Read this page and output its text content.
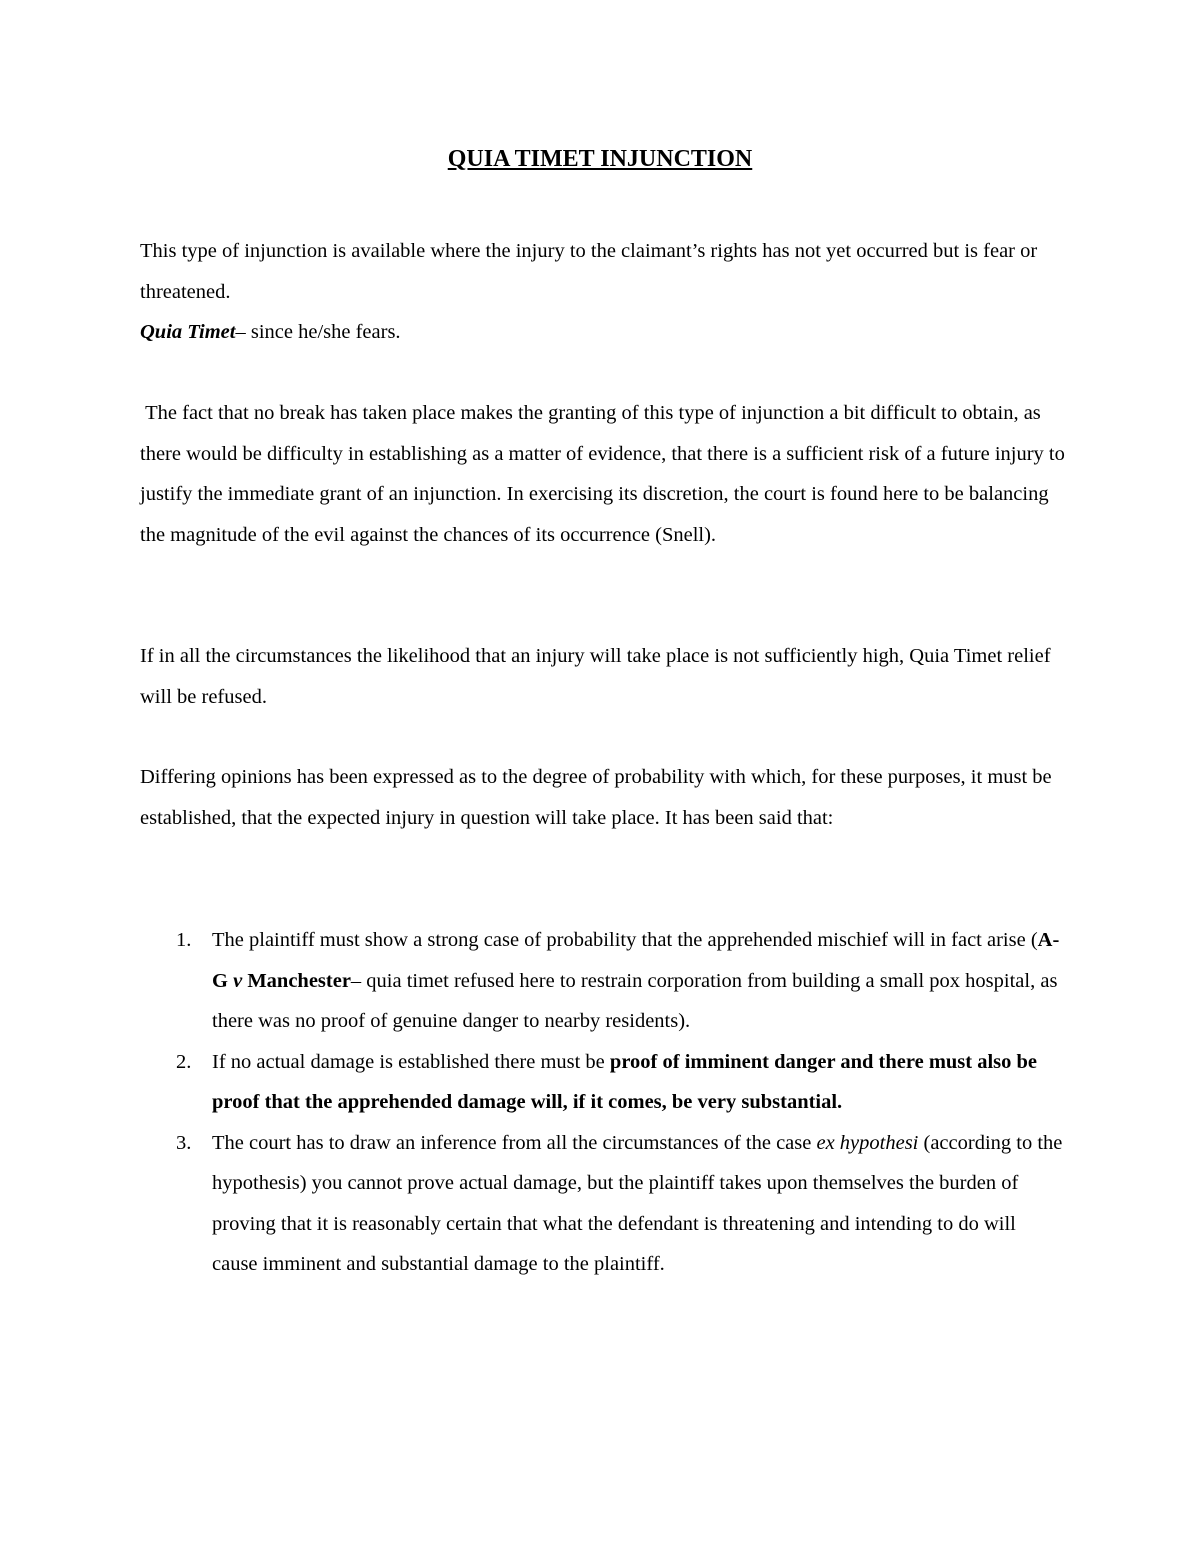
QUIA TIMET INJUNCTION
This type of injunction is available where the injury to the claimant’s rights has not yet occurred but is fear or threatened.
Quia Timet– since he/she fears.
The fact that no break has taken place makes the granting of this type of injunction a bit difficult to obtain, as there would be difficulty in establishing as a matter of evidence, that there is a sufficient risk of a future injury to justify the immediate grant of an injunction. In exercising its discretion, the court is found here to be balancing the magnitude of the evil against the chances of its occurrence (Snell).
If in all the circumstances the likelihood that an injury will take place is not sufficiently high, Quia Timet relief will be refused.
Differing opinions has been expressed as to the degree of probability with which, for these purposes, it must be established, that the expected injury in question will take place. It has been said that:
1. The plaintiff must show a strong case of probability that the apprehended mischief will in fact arise (A-G v Manchester– quia timet refused here to restrain corporation from building a small pox hospital, as there was no proof of genuine danger to nearby residents).
2. If no actual damage is established there must be proof of imminent danger and there must also be proof that the apprehended damage will, if it comes, be very substantial.
3. The court has to draw an inference from all the circumstances of the case ex hypothesi (according to the hypothesis) you cannot prove actual damage, but the plaintiff takes upon themselves the burden of proving that it is reasonably certain that what the defendant is threatening and intending to do will cause imminent and substantial damage to the plaintiff.
